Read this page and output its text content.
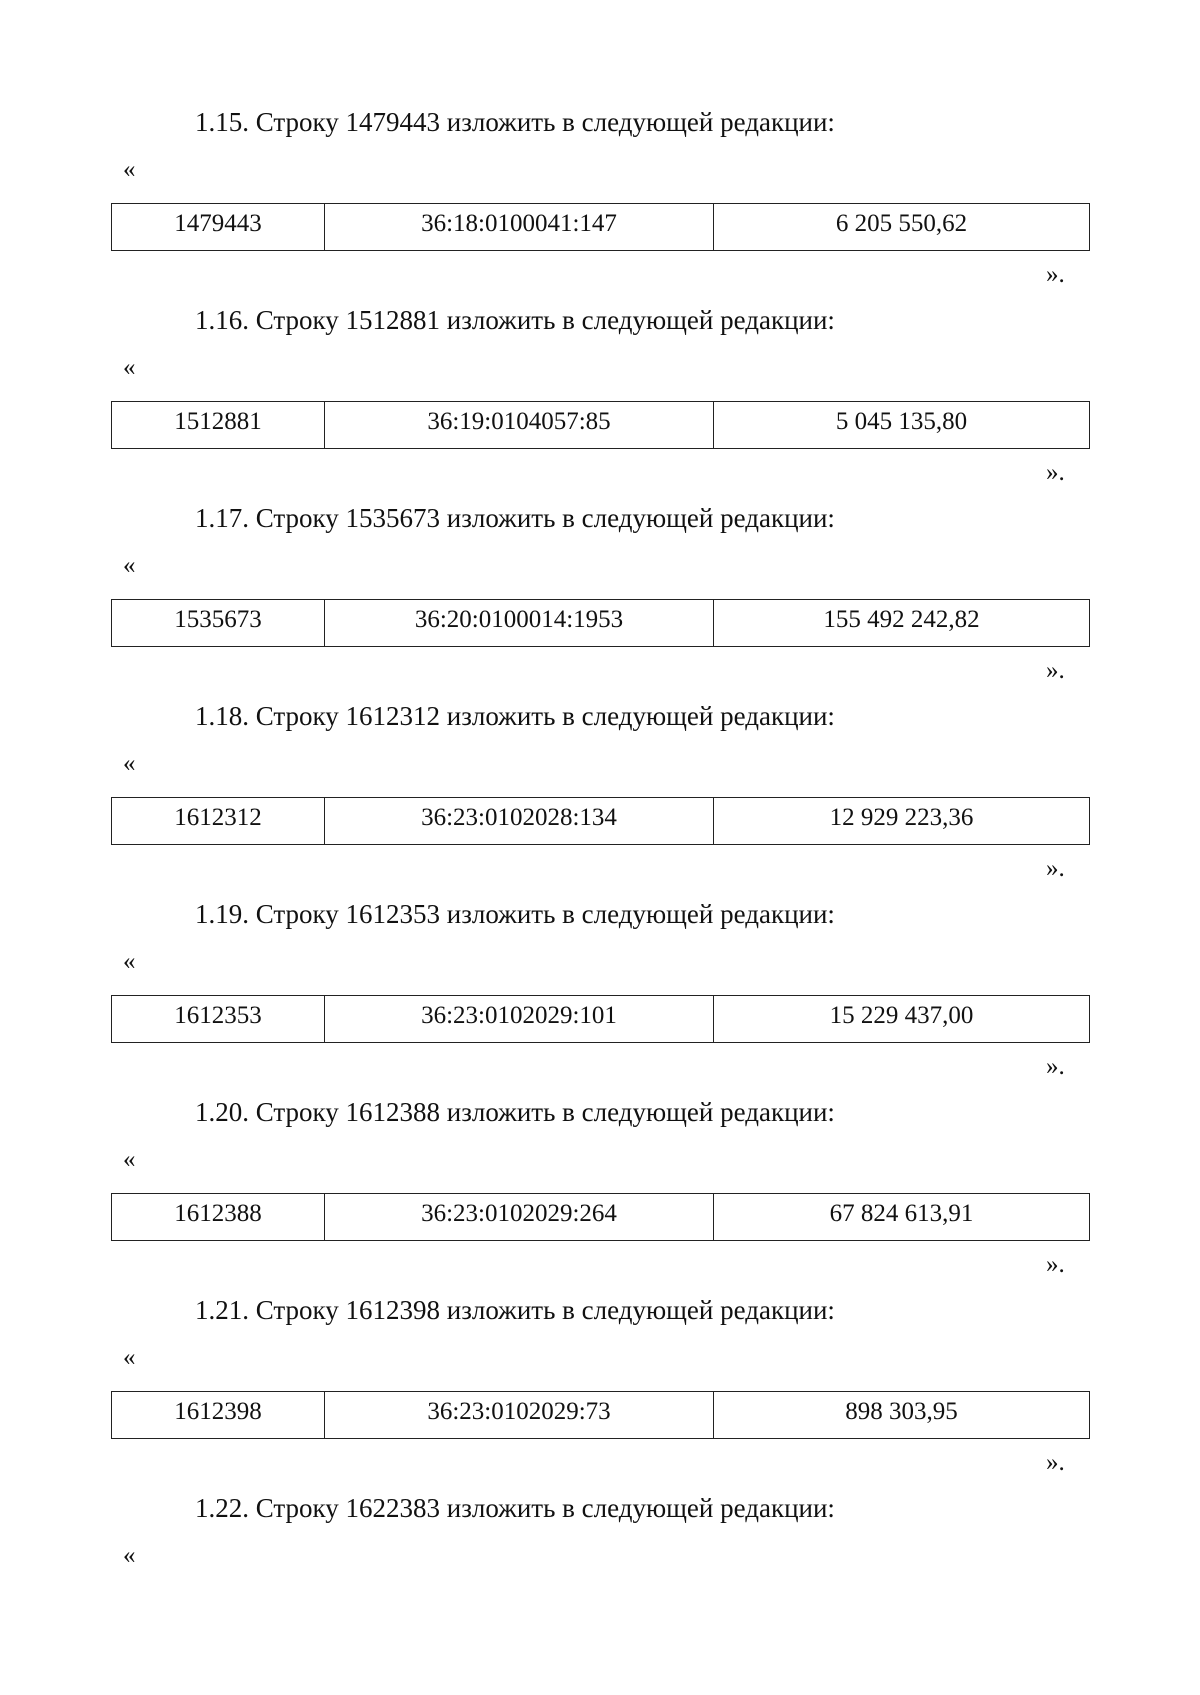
1.15. Строку 1479443 изложить в следующей редакции:
«
1479443	36:18:0100041:147	6 205 550,62
».
1.16. Строку 1512881 изложить в следующей редакции:
«
1512881	36:19:0104057:85	5 045 135,80
».
1.17. Строку 1535673 изложить в следующей редакции:
«
1535673	36:20:0100014:1953	155 492 242,82
».
1.18. Строку 1612312 изложить в следующей редакции:
«
1612312	36:23:0102028:134	12 929 223,36
».
1.19. Строку 1612353 изложить в следующей редакции:
«
1612353	36:23:0102029:101	15 229 437,00
».
1.20. Строку 1612388 изложить в следующей редакции:
«
1612388	36:23:0102029:264	67 824 613,91
».
1.21. Строку 1612398 изложить в следующей редакции:
«
1612398	36:23:0102029:73	898 303,95
».
1.22. Строку 1622383 изложить в следующей редакции:
«
